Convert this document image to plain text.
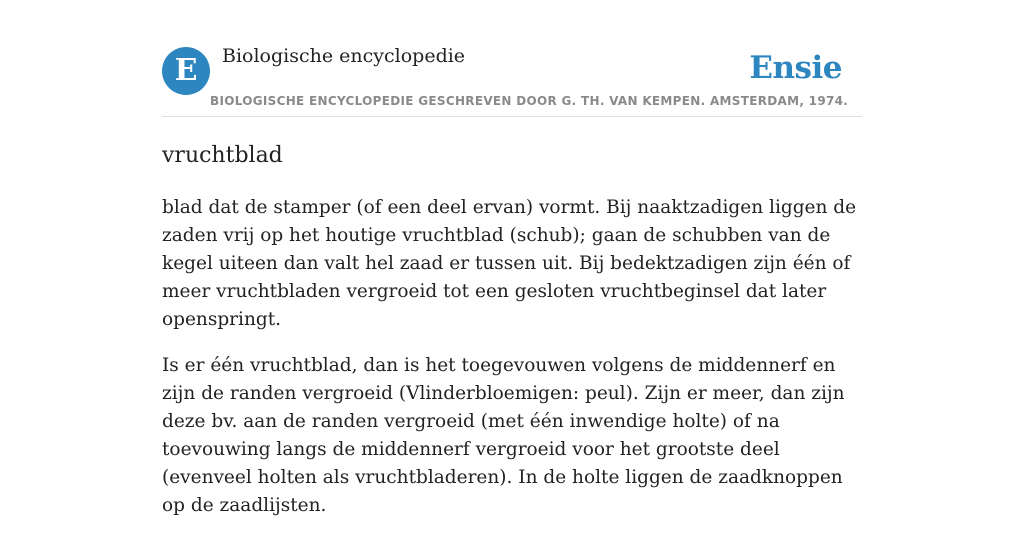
E	Biologische encyclopedie
BIOLOGISCHE ENCYCLOPEDIE GESCHREVEN DOOR G. TH. VAN KEMPEN. AMSTERDAM, 1974.
Ensie
vruchtblad

blad dat de stamper (of een deel ervan) vormt. Bij naaktzadigen liggen de zaden vrij op het houtige vruchtblad (schub); gaan de schubben van de kegel uiteen dan valt hel zaad er tussen uit. Bij bedektzadigen zijn één of meer vruchtbladen vergroeid tot een gesloten vruchtbeginsel dat later openspringt.

Is er één vruchtblad, dan is het toegevouwen volgens de middennerf en zijn de randen vergroeid (Vlinderbloemigen: peul). Zijn er meer, dan zijn deze bv. aan de randen vergroeid (met één inwendige holte) of na toevouwing langs de middennerf vergroeid voor het grootste deel (evenveel holten als vruchtbladeren). In de holte liggen de zaadknoppen op de zaadlijsten.
